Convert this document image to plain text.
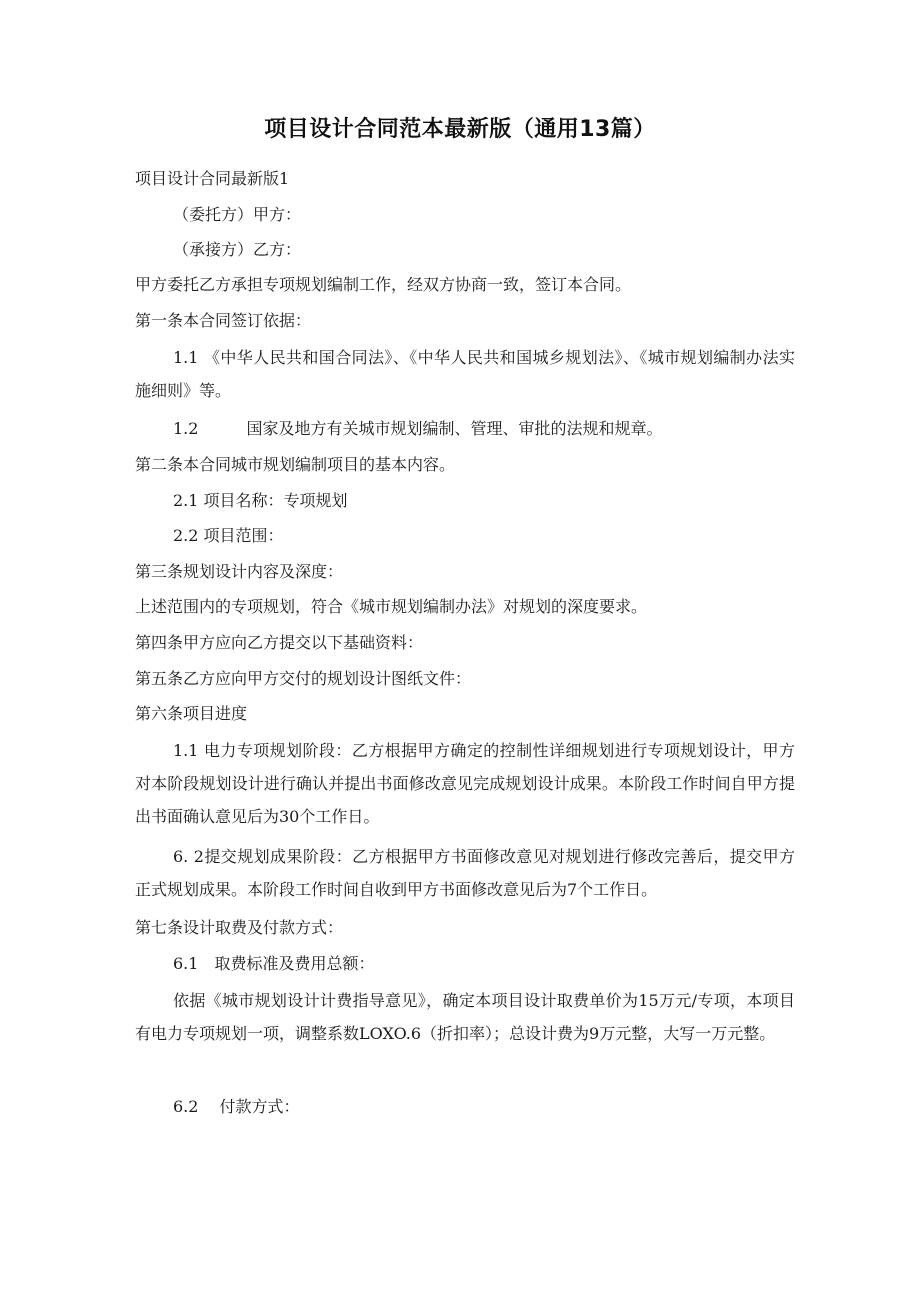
项目设计合同范本最新版（通用13篇）
项目设计合同最新版1
（委托方）甲方：
（承接方）乙方：
甲方委托乙方承担专项规划编制工作，经双方协商一致，签订本合同。
第一条本合同签订依据：
1.1 《中华人民共和国合同法》、《中华人民共和国城乡规划法》、《城市规划编制办法实施细则》等。
1.2　　　国家及地方有关城市规划编制、管理、审批的法规和规章。
第二条本合同城市规划编制项目的基本内容。
2.1 项目名称：专项规划
2.2 项目范围：
第三条规划设计内容及深度：
上述范围内的专项规划，符合《城市规划编制办法》对规划的深度要求。
第四条甲方应向乙方提交以下基础资料：
第五条乙方应向甲方交付的规划设计图纸文件：
第六条项目进度
1.1 电力专项规划阶段：乙方根据甲方确定的控制性详细规划进行专项规划设计，甲方对本阶段规划设计进行确认并提出书面修改意见完成规划设计成果。本阶段工作时间自甲方提出书面确认意见后为30个工作日。
6. 2提交规划成果阶段：乙方根据甲方书面修改意见对规划进行修改完善后，提交甲方正式规划成果。本阶段工作时间自收到甲方书面修改意见后为7个工作日。
第七条设计取费及付款方式：
6.1　取费标准及费用总额：
依据《城市规划设计计费指导意见》，确定本项目设计取费单价为15万元/专项，本项目有电力专项规划一项，调整系数LOXO.6（折扣率）；总设计费为9万元整，大写一万元整。
6.2　 付款方式：
